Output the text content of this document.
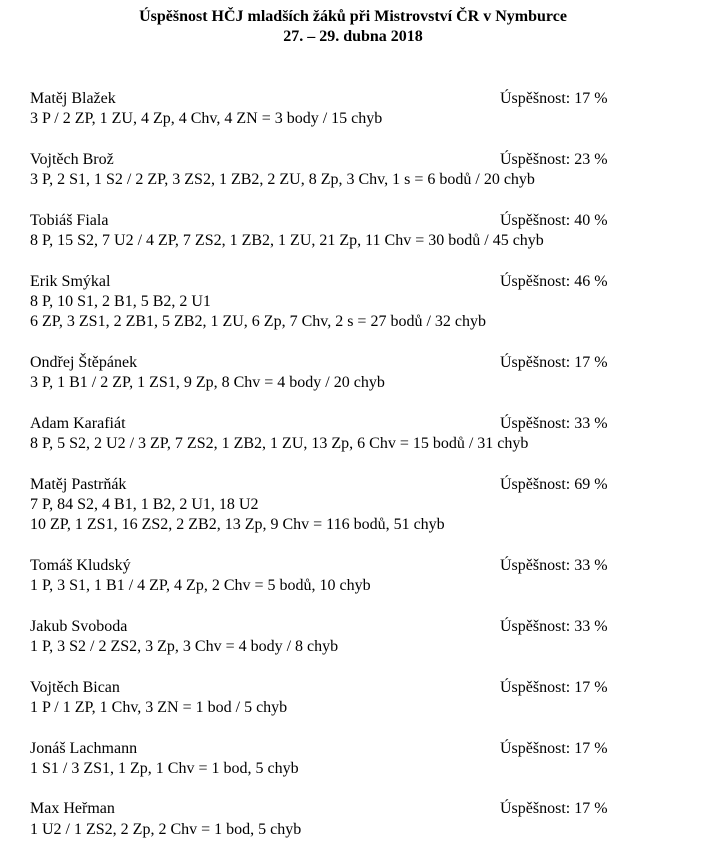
Úspěšnost HČJ mladších žáků při Mistrovství ČR v Nymburce
27. – 29. dubna 2018
Matěj Blažek	Úspěšnost: 17 %
3 P / 2 ZP, 1 ZU, 4 Zp, 4 Chv, 4 ZN = 3 body / 15 chyb
Vojtěch Brož	Úspěšnost: 23 %
3 P, 2 S1, 1 S2 / 2 ZP, 3 ZS2, 1 ZB2, 2 ZU, 8 Zp, 3 Chv, 1 s = 6 bodů / 20 chyb
Tobiáš Fiala	Úspěšnost: 40 %
8 P, 15 S2, 7 U2 / 4 ZP, 7 ZS2, 1 ZB2, 1 ZU, 21 Zp, 11 Chv = 30 bodů / 45 chyb
Erik Smýkal	Úspěšnost: 46 %
8 P, 10 S1, 2 B1, 5 B2, 2 U1
6 ZP, 3 ZS1, 2 ZB1, 5 ZB2, 1 ZU, 6 Zp, 7 Chv, 2 s = 27 bodů / 32 chyb
Ondřej Štěpánek	Úspěšnost: 17 %
3 P, 1 B1 / 2 ZP, 1 ZS1, 9 Zp, 8 Chv = 4 body / 20 chyb
Adam Karafiát	Úspěšnost: 33 %
8 P, 5 S2, 2 U2 / 3 ZP, 7 ZS2, 1 ZB2, 1 ZU, 13 Zp, 6 Chv = 15 bodů / 31 chyb
Matěj Pastrňák	Úspěšnost: 69 %
7 P, 84 S2, 4 B1, 1 B2, 2 U1, 18 U2
10 ZP, 1 ZS1, 16 ZS2, 2 ZB2, 13 Zp, 9 Chv = 116 bodů, 51 chyb
Tomáš Kludský	Úspěšnost: 33 %
1 P, 3 S1, 1 B1 / 4 ZP, 4 Zp, 2 Chv = 5 bodů, 10 chyb
Jakub Svoboda	Úspěšnost: 33 %
1 P, 3 S2 / 2 ZS2, 3 Zp, 3 Chv = 4 body / 8 chyb
Vojtěch Bican	Úspěšnost: 17 %
1 P / 1 ZP, 1 Chv, 3 ZN = 1 bod / 5 chyb
Jonáš Lachmann	Úspěšnost: 17 %
1 S1 / 3 ZS1, 1 Zp, 1 Chv = 1 bod, 5 chyb
Max Heřman	Úspěšnost: 17 %
1 U2 / 1 ZS2, 2 Zp, 2 Chv = 1 bod, 5 chyb
